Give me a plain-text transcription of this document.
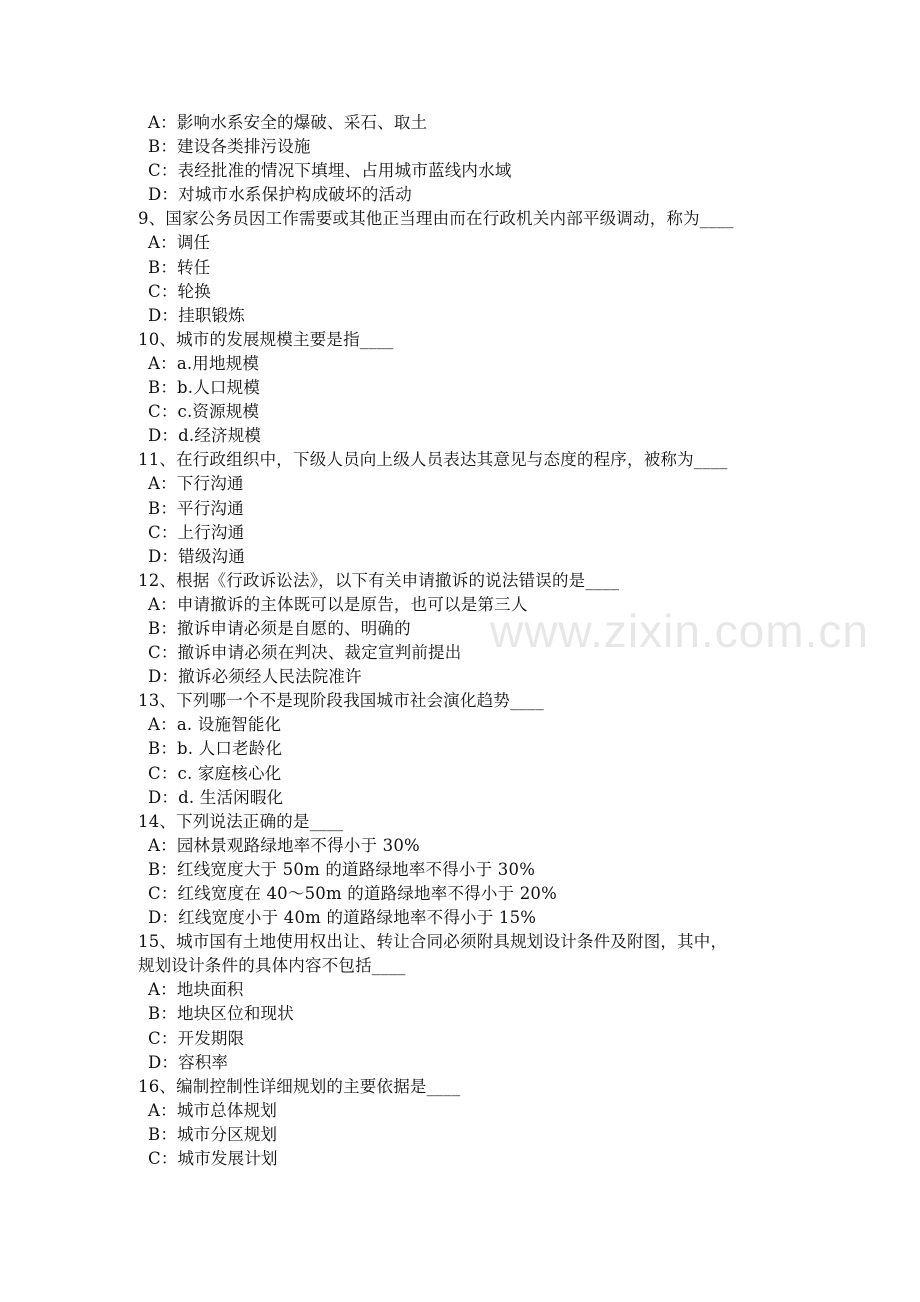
www.zixin.com.cn
A：影响水系安全的爆破、采石、取土
B：建设各类排污设施
C：表经批准的情况下填埋、占用城市蓝线内水域
D：对城市水系保护构成破坏的活动
9、国家公务员因工作需要或其他正当理由而在行政机关内部平级调动，称为____
A：调任
B：转任
C：轮换
D：挂职锻炼
10、城市的发展规模主要是指____
A：a.用地规模
B：b.人口规模
C：c.资源规模
D：d.经济规模
11、在行政组织中，下级人员向上级人员表达其意见与态度的程序，被称为____
A：下行沟通
B：平行沟通
C：上行沟通
D：错级沟通
12、根据《行政诉讼法》，以下有关申请撤诉的说法错误的是____
A：申请撤诉的主体既可以是原告，也可以是第三人
B：撤诉申请必须是自愿的、明确的
C：撤诉申请必须在判决、裁定宣判前提出
D：撤诉必须经人民法院准许
13、下列哪一个不是现阶段我国城市社会演化趋势____
A：a. 设施智能化
B：b. 人口老龄化
C：c. 家庭核心化
D：d. 生活闲暇化
14、下列说法正确的是____
A：园林景观路绿地率不得小于 30%
B：红线宽度大于 50m 的道路绿地率不得小于 30%
C：红线宽度在 40～50m 的道路绿地率不得小于 20%
D：红线宽度小于 40m 的道路绿地率不得小于 15%
15、城市国有土地使用权出让、转让合同必须附具规划设计条件及附图，其中，
规划设计条件的具体内容不包括____
A：地块面积
B：地块区位和现状
C：开发期限
D：容积率
16、编制控制性详细规划的主要依据是____
A：城市总体规划
B：城市分区规划
C：城市发展计划
